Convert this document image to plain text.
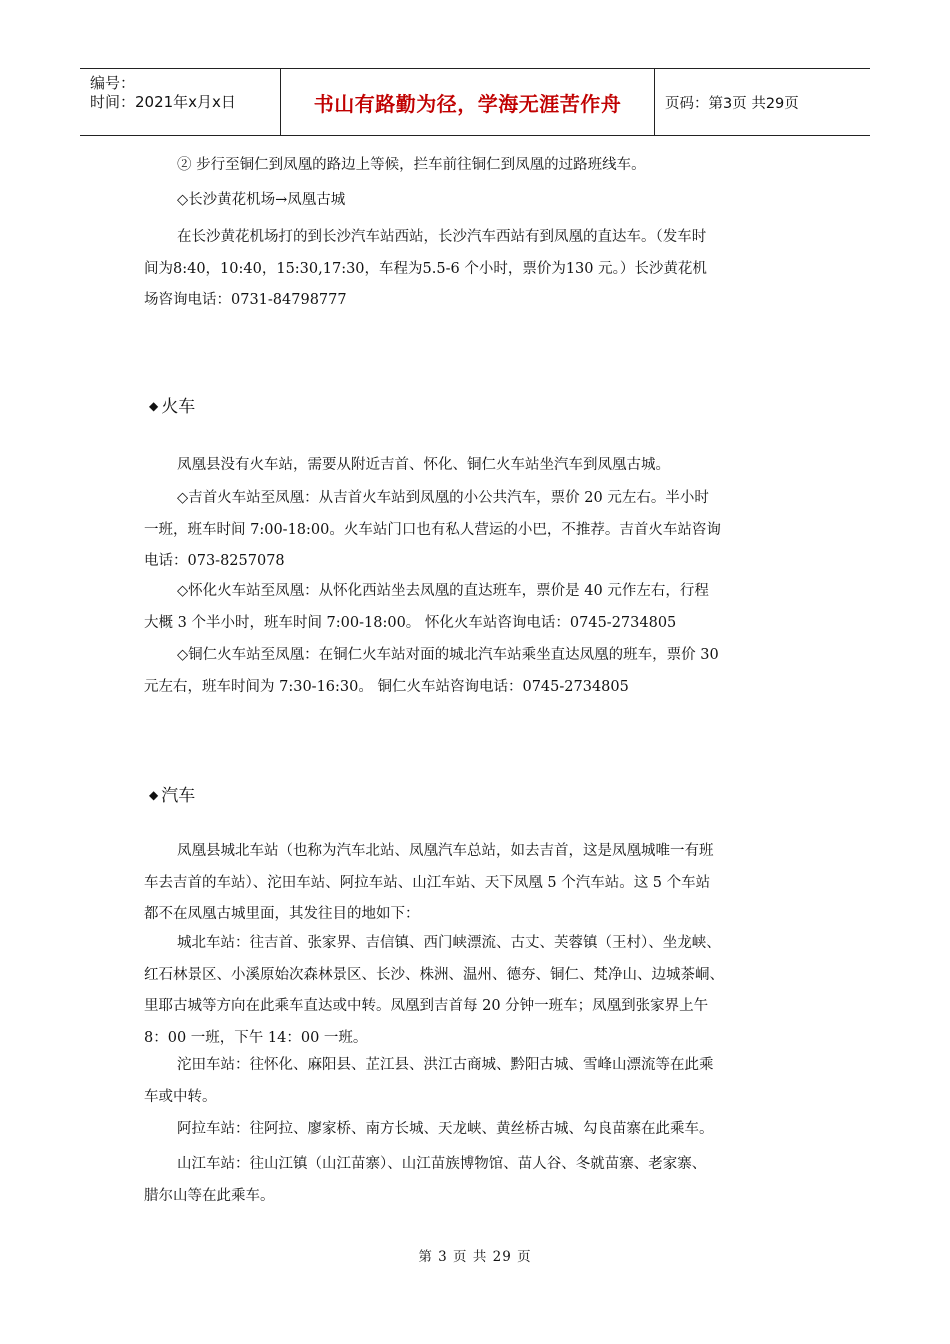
编号：
时间：2021年x月x日	书山有路勤为径，学海无涯苦作舟	页码：第3页 共29页

② 步行至铜仁到凤凰的路边上等候，拦车前往铜仁到凤凰的过路班线车。

◇长沙黄花机场→凤凰古城

在长沙黄花机场打的到长沙汽车站西站，长沙汽车西站有到凤凰的直达车。（发车时
间为8:40，10:40，15:30,17:30，车程为5.5-6 个小时，票价为130 元。）长沙黄花机
场咨询电话：0731-84798777

◆ 火车

凤凰县没有火车站，需要从附近吉首、怀化、铜仁火车站坐汽车到凤凰古城。

◇吉首火车站至凤凰：从吉首火车站到凤凰的小公共汽车，票价 20 元左右。半小时
一班，班车时间 7:00-18:00。火车站门口也有私人营运的小巴，不推荐。吉首火车站咨询
电话：073-8257078

◇怀化火车站至凤凰：从怀化西站坐去凤凰的直达班车，票价是 40 元作左右，行程
大概 3 个半小时，班车时间 7:00-18:00。 怀化火车站咨询电话：0745-2734805

◇铜仁火车站至凤凰：在铜仁火车站对面的城北汽车站乘坐直达凤凰的班车，票价 30
元左右，班车时间为 7:30-16:30。 铜仁火车站咨询电话：0745-2734805

◆ 汽车

凤凰县城北车站（也称为汽车北站、凤凰汽车总站，如去吉首，这是凤凰城唯一有班
车去吉首的车站）、沱田车站、阿拉车站、山江车站、天下凤凰 5 个汽车站。这 5 个车站
都不在凤凰古城里面，其发往目的地如下：

城北车站：往吉首、张家界、吉信镇、西门峡漂流、古丈、芙蓉镇（王村）、坐龙峡、
红石林景区、小溪原始次森林景区、长沙、株洲、温州、德夯、铜仁、梵净山、边城茶峒、
里耶古城等方向在此乘车直达或中转。凤凰到吉首每 20 分钟一班车；凤凰到张家界上午
8：00 一班，下午 14：00 一班。

沱田车站：往怀化、麻阳县、芷江县、洪江古商城、黔阳古城、雪峰山漂流等在此乘
车或中转。

阿拉车站：往阿拉、廖家桥、南方长城、天龙峡、黄丝桥古城、勾良苗寨在此乘车。

山江车站：往山江镇（山江苗寨）、山江苗族博物馆、苗人谷、冬就苗寨、老家寨、
腊尔山等在此乘车。

第 3 页 共 29 页
